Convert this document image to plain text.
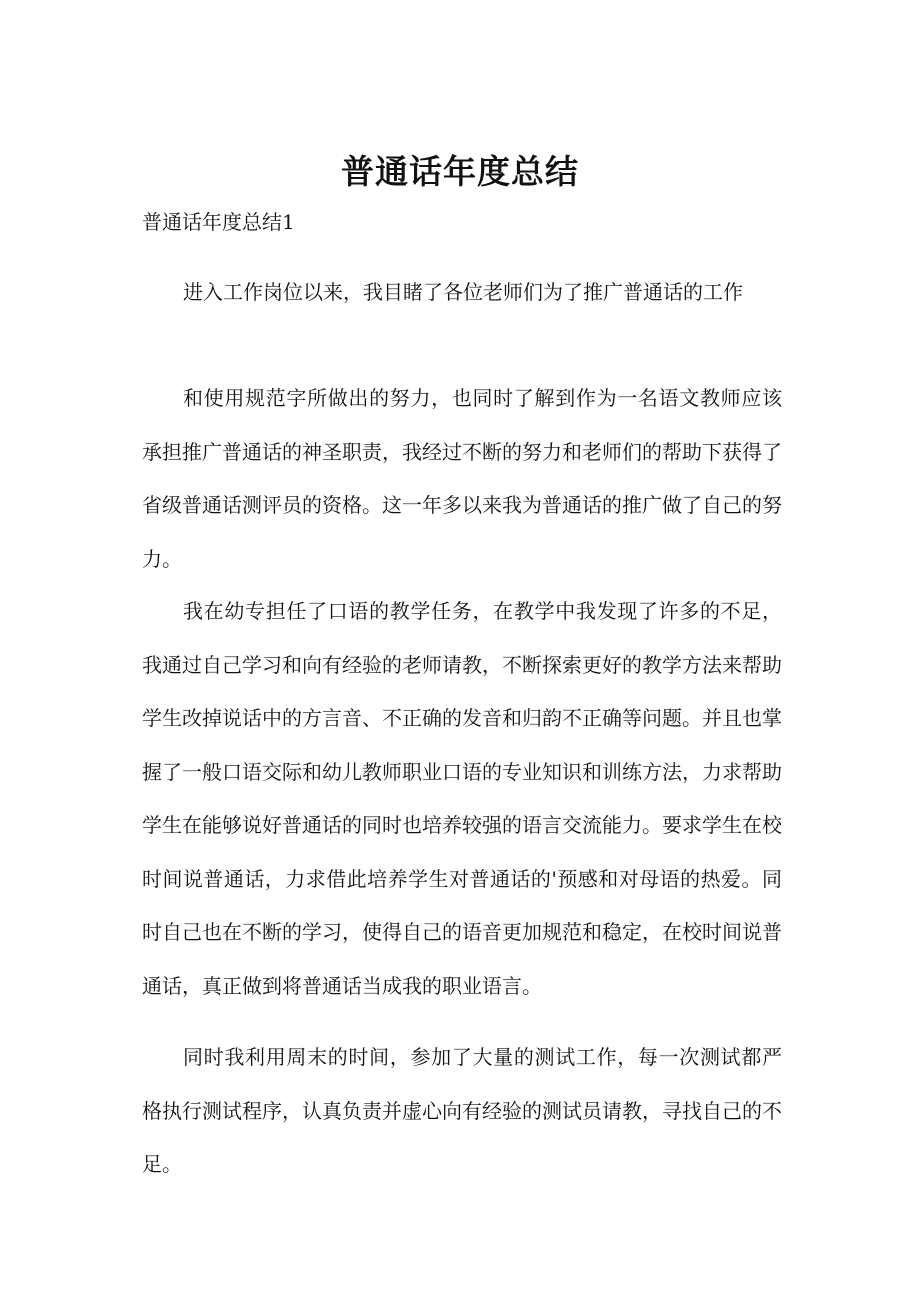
普通话年度总结

普通话年度总结1

进入工作岗位以来，我目睹了各位老师们为了推广普通话的工作

和使用规范字所做出的努力，也同时了解到作为一名语文教师应该承担推广普通话的神圣职责，我经过不断的努力和老师们的帮助下获得了省级普通话测评员的资格。这一年多以来我为普通话的推广做了自己的努力。

我在幼专担任了口语的教学任务，在教学中我发现了许多的不足，我通过自己学习和向有经验的老师请教，不断探索更好的教学方法来帮助学生改掉说话中的方言音、不正确的发音和归韵不正确等问题。并且也掌握了一般口语交际和幼儿教师职业口语的专业知识和训练方法，力求帮助学生在能够说好普通话的同时也培养较强的语言交流能力。要求学生在校时间说普通话，力求借此培养学生对普通话的'预感和对母语的热爱。同时自己也在不断的学习，使得自己的语音更加规范和稳定，在校时间说普通话，真正做到将普通话当成我的职业语言。

同时我利用周末的时间，参加了大量的测试工作，每一次测试都严格执行测试程序，认真负责并虚心向有经验的测试员请教，寻找自己的不足。
